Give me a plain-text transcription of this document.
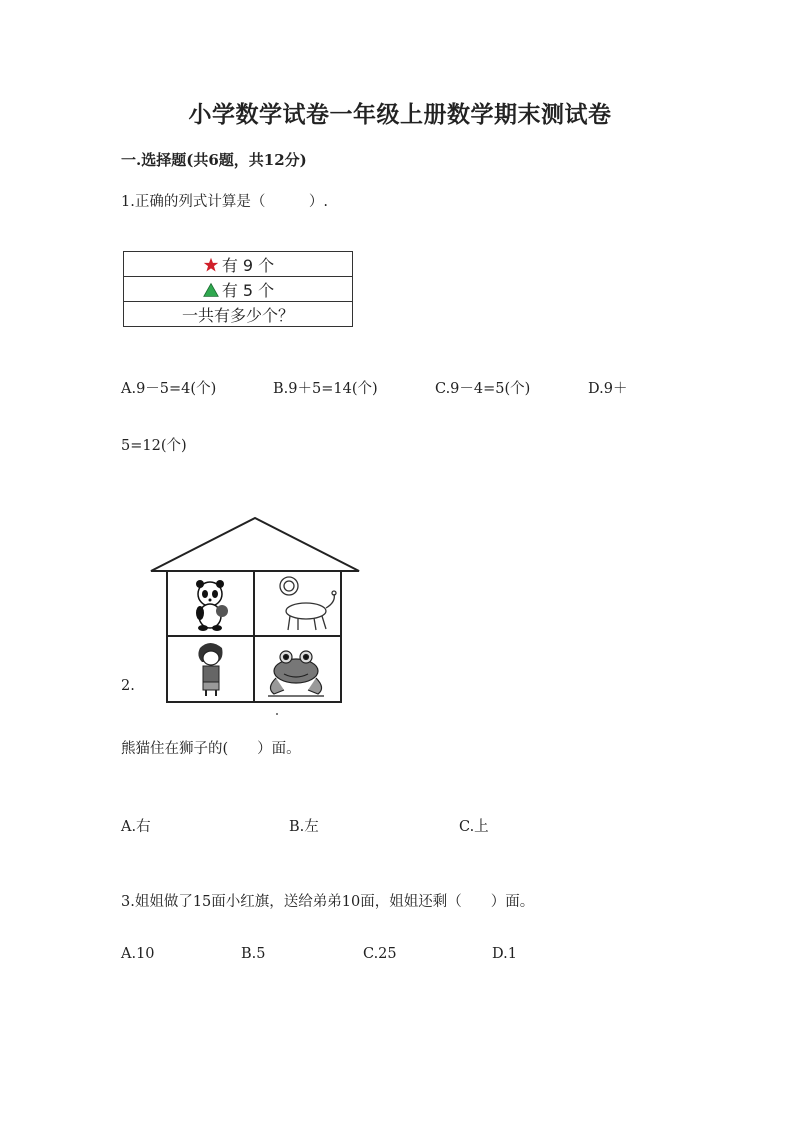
小学数学试卷一年级上册数学期末测试卷
一.选择题(共6题，共12分)
1.正确的列式计算是（　　　）.
有 9 个
有 5 个
一共有多少个？
A.9－5=4(个)	B.9＋5=14(个)	C.9－4=5(个)	D.9＋
5=12(个)
2.
熊猫住在狮子的(　　）面。
A.右	B.左	C.上
3.姐姐做了15面小红旗，送给弟弟10面，姐姐还剩（　　）面。
A.10	B.5	C.25	D.1
